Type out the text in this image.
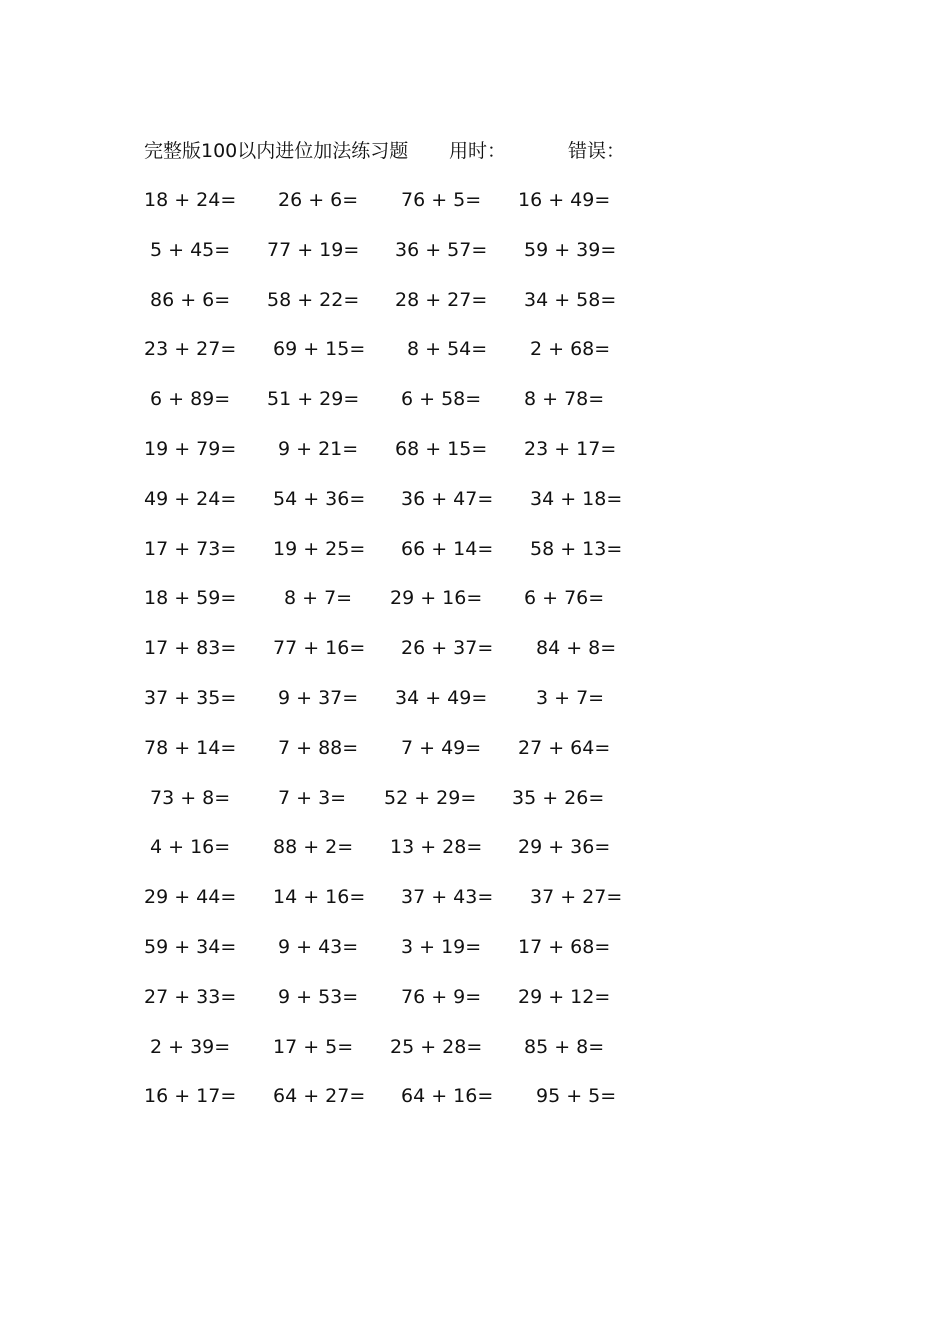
完整版100以内进位加法练习题 用时：	错误：
18 + 24= 26 + 6= 76 + 5= 16 + 49=
5 + 45= 77 + 19= 36 + 57= 59 + 39=
86 + 6= 58 + 22= 28 + 27= 34 + 58=
23 + 27= 69 + 15= 8 + 54= 2 + 68=
6 + 89= 51 + 29= 6 + 58= 8 + 78=
19 + 79= 9 + 21= 68 + 15= 23 + 17=
49 + 24= 54 + 36= 36 + 47= 34 + 18=
17 + 73= 19 + 25= 66 + 14= 58 + 13=
18 + 59=	8 + 7= 29 + 16= 6 + 76=
17 + 83= 77 + 16= 26 + 37= 84 + 8=
37 + 35= 9 + 37= 34 + 49=	3 + 7=
78 + 14= 7 + 88= 7 + 49= 27 + 64=
73 + 8=	7 + 3= 52 + 29= 35 + 26=
4 + 16= 88 + 2= 13 + 28= 29 + 36=
29 + 44= 14 + 16= 37 + 43= 37 + 27=
59 + 34= 9 + 43= 3 + 19= 17 + 68=
27 + 33= 9 + 53= 76 + 9= 29 + 12=
2 + 39= 17 + 5= 25 + 28= 85 + 8=
16 + 17= 64 + 27= 64 + 16= 95 + 5=
